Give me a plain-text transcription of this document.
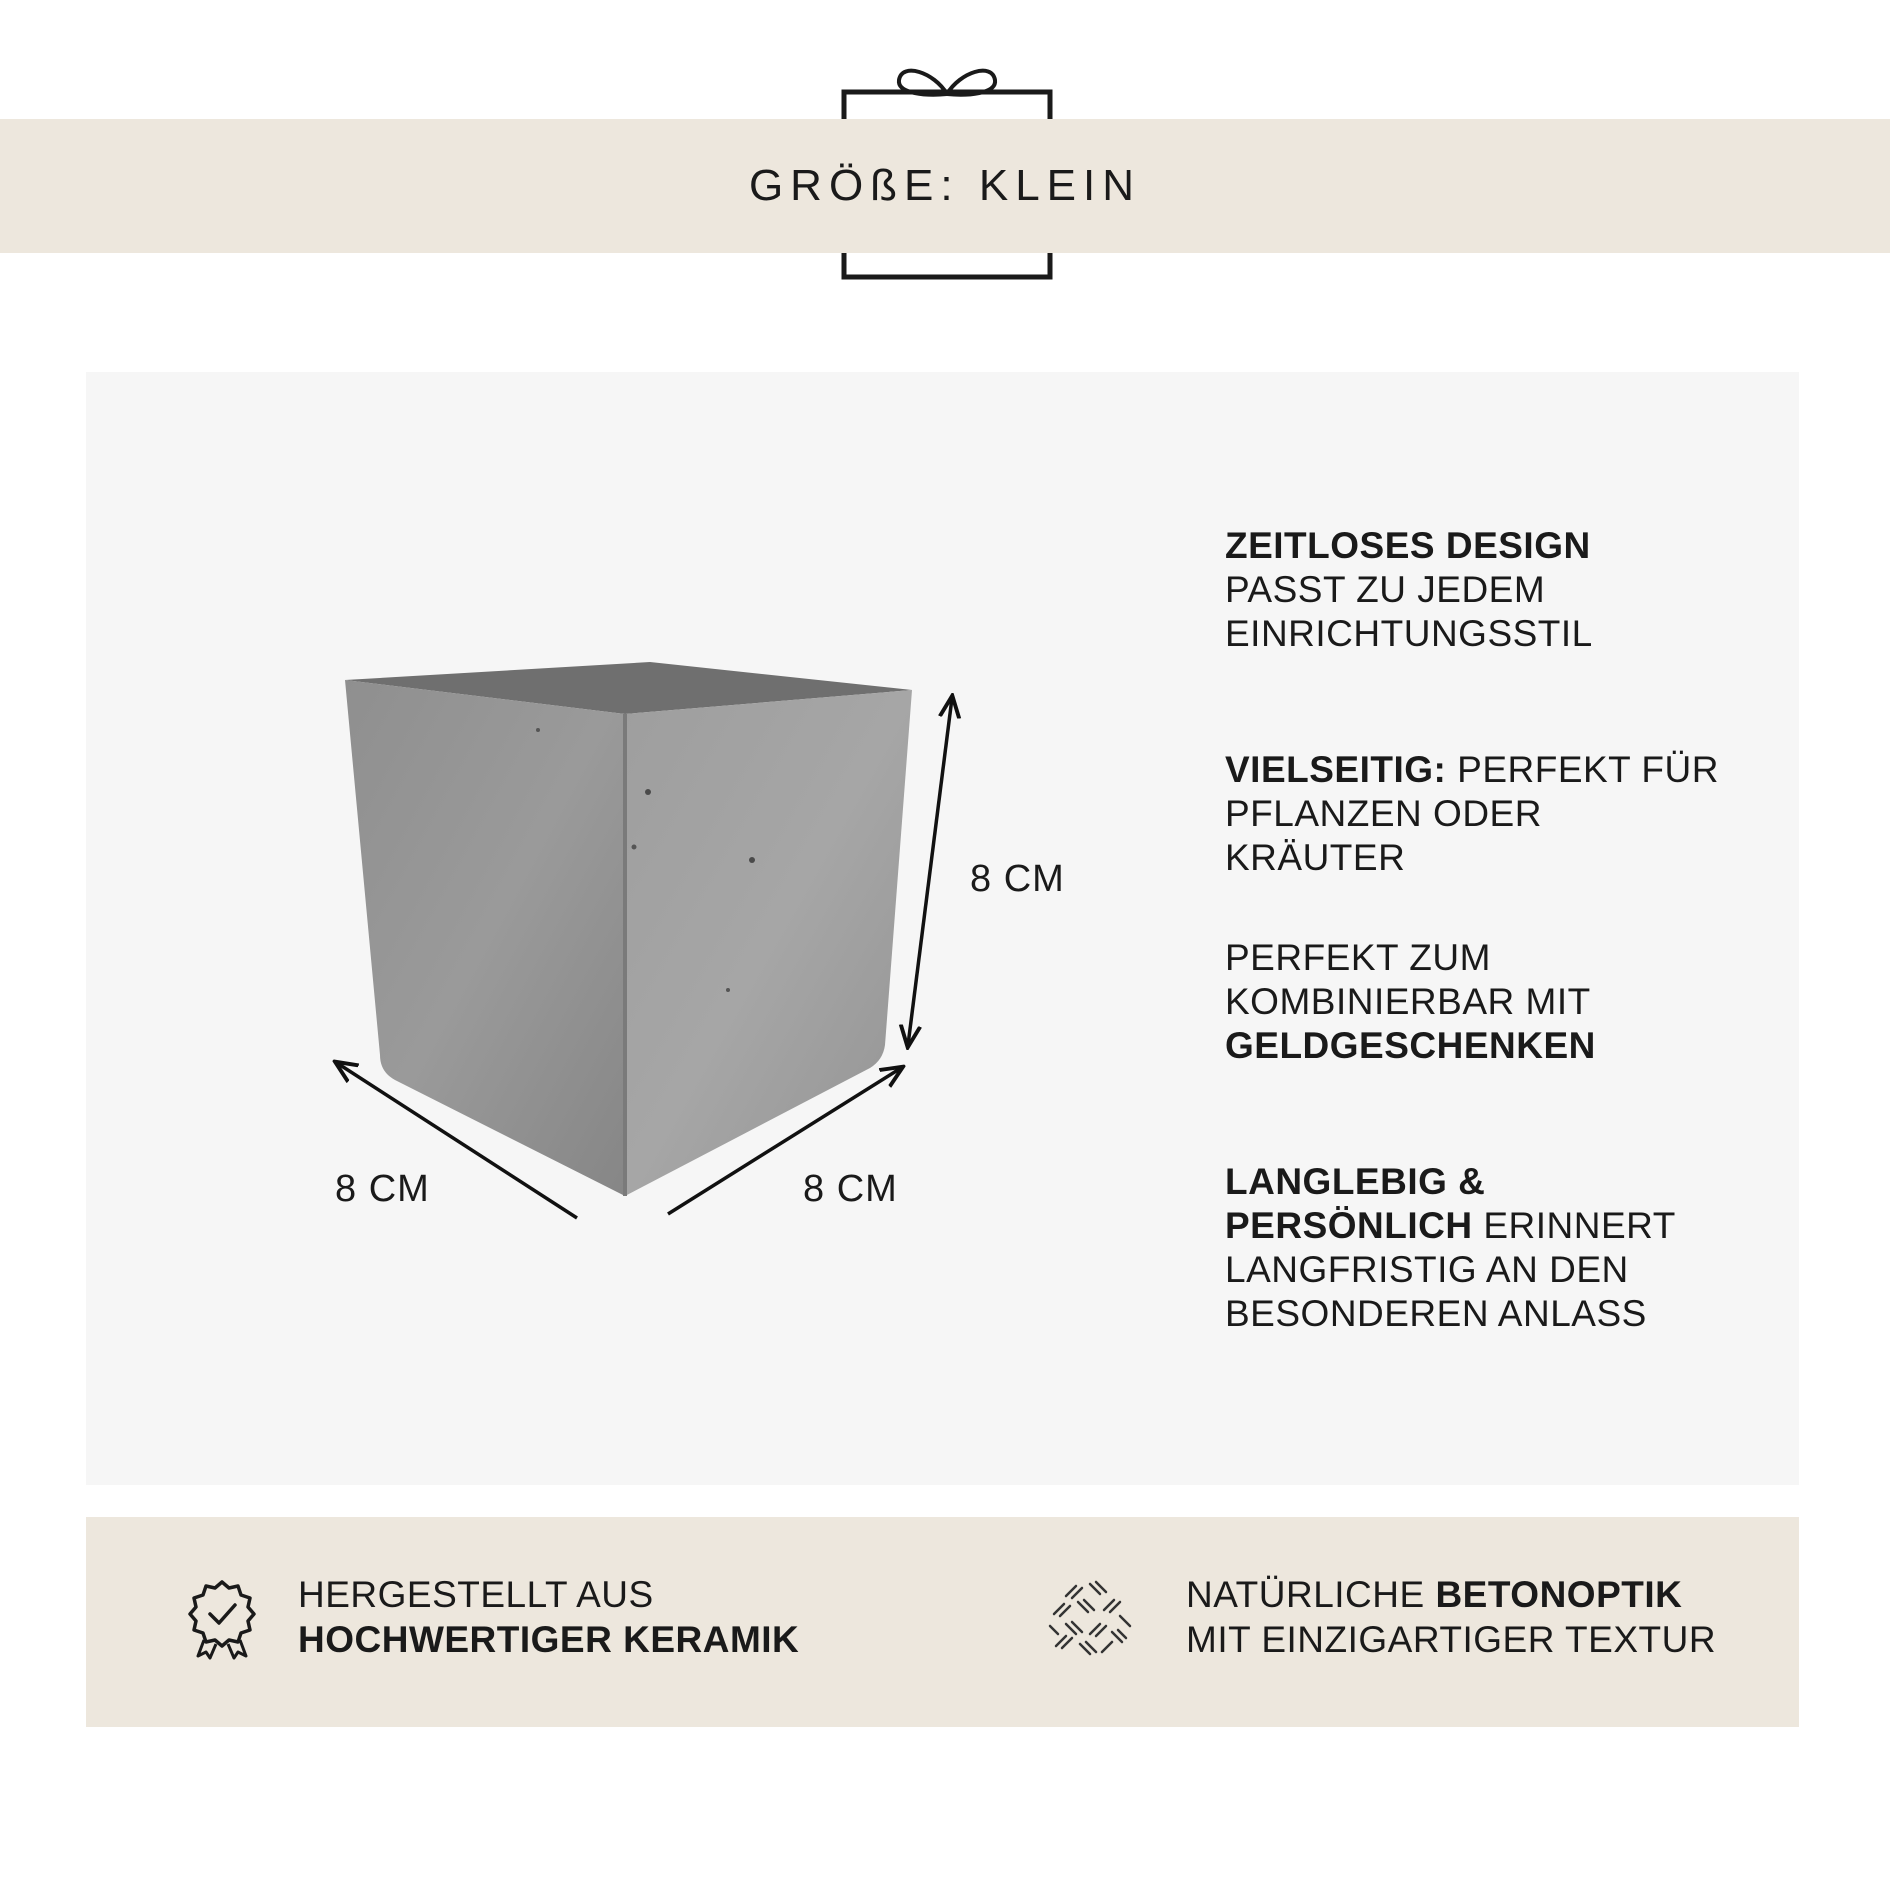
GRÖßE: KLEIN
8 CM
8 CM	8 CM
ZEITLOSES DESIGN
PASST ZU JEDEM EINRICHTUNGSSTIL
VIELSEITIG: PERFEKT FÜR PFLANZEN ODER KRÄUTER
PERFEKT ZUM KOMBINIERBAR MIT
GELDGESCHENKEN
LANGLEBIG & PERSÖNLICH ERINNERT LANGFRISTIG AN DEN BESONDEREN ANLASS
HERGESTELLT AUS
HOCHWERTIGER KERAMIK
NATÜRLICHE BETONOPTIK
MIT EINZIGARTIGER TEXTUR
